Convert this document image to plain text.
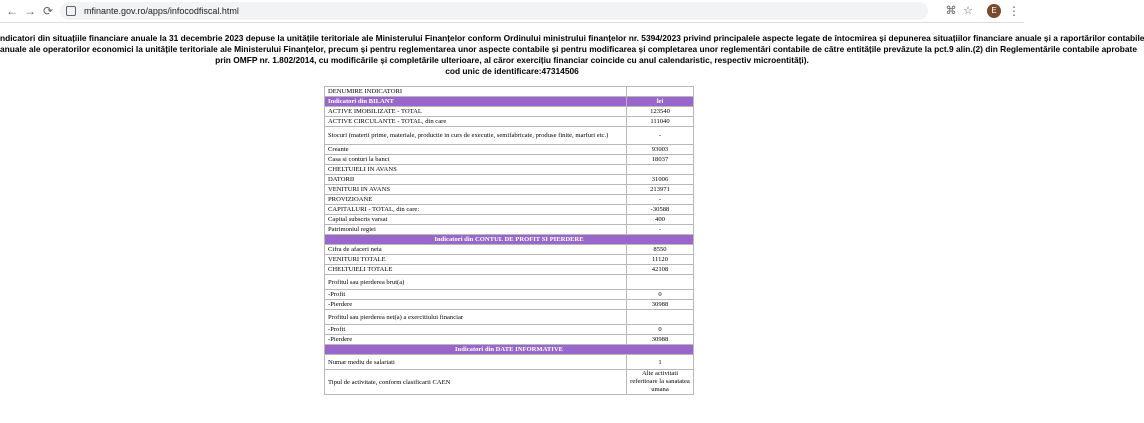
← → ⟳	mfinante.gov.ro/apps/infocodfiscal.html	⌘ ☆	E ⋮
ndicatori din situațiile financiare anuale la 31 decembrie 2023 depuse la unitățile teritoriale ale Ministerului Finanțelor conform Ordinului ministrului finanțelor nr. 5394/2023 privind principalele aspecte legate de întocmirea și depunerea situațiilor financiare anuale și a raportărilor contabile
anuale ale operatorilor economici la unitățile teritoriale ale Ministerului Finanțelor, precum și pentru reglementarea unor aspecte contabile și pentru modificarea și completarea unor reglementări contabile de către entitățile prevăzute la pct.9 alin.(2) din Reglementările contabile aprobate
prin OMFP nr. 1.802/2014, cu modificările și completările ulterioare, al căror exercițiu financiar coincide cu anul calendaristic, respectiv microentități).
cod unic de identificare:47314506
DENUMIRE INDICATORI	
Indicatori din BILANT	lei
ACTIVE IMOBILIZATE - TOTAL	123540
ACTIVE CIRCULANTE - TOTAL, din care	111040
Stocuri (materii prime, materiale, productie in curs de executie, semifabricate, produse finite, marfuri etc.)	-
Creante	93003
Casa si conturi la banci	18037
CHELTUIELI IN AVANS	
DATORII	31006
VENITURI IN AVANS	213971
PROVIZIOANE	-
CAPITALURI - TOTAL, din care:	-30588
Capital subscris varsat	400
Patrimoniul regiei	-
Indicatori din CONTUL DE PROFIT SI PIERDERE	
Cifra de afaceri neta	8550
VENITURI TOTALE	11120
CHELTUIELI TOTALE	42108
Profitul sau pierderea brut(a)	
-Profit	0
-Pierdere	30988
Profitul sau pierderea net(a) a exercitiului financiar	
-Profit	0
-Pierdere	30988
Indicatori din DATE INFORMATIVE	
Numar mediu de salariati	1
Tipul de activitate, conform clasificarii CAEN	Alte activitati referitoare la sanatatea umana
